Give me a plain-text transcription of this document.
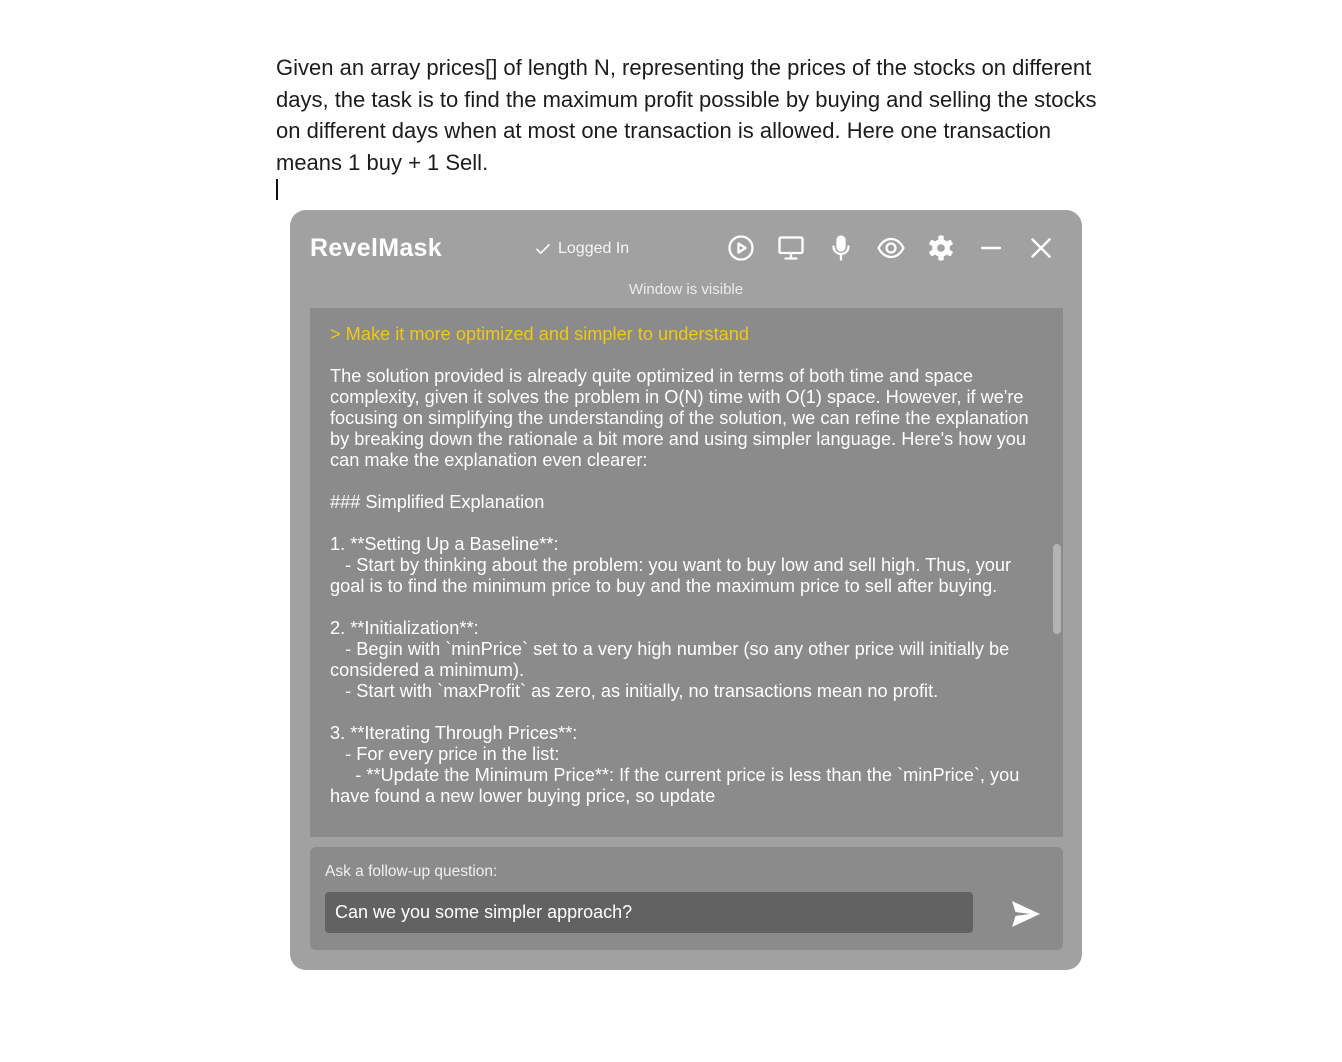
Given an array prices[] of length N, representing the prices of the stocks on different days, the task is to find the maximum profit possible by buying and selling the stocks on different days when at most one transaction is allowed. Here one transaction means 1 buy + 1 Sell.
RevelMask	Logged In
Window is visible
> Make it more optimized and simpler to understand

The solution provided is already quite optimized in terms of both time and space complexity, given it solves the problem in O(N) time with O(1) space. However, if we're focusing on simplifying the understanding of the solution, we can refine the explanation by breaking down the rationale a bit more and using simpler language. Here's how you can make the explanation even clearer:

### Simplified Explanation

1. **Setting Up a Baseline**:
- Start by thinking about the problem: you want to buy low and sell high. Thus, your goal is to find the minimum price to buy and the maximum price to sell after buying.

2. **Initialization**:
- Begin with `minPrice` set to a very high number (so any other price will initially be considered a minimum).
- Start with `maxProfit` as zero, as initially, no transactions mean no profit.

3. **Iterating Through Prices**:
- For every price in the list:
- **Update the Minimum Price**: If the current price is less than the `minPrice`, you have found a new lower buying price, so update

Ask a follow-up question:
Can we you some simpler approach?
